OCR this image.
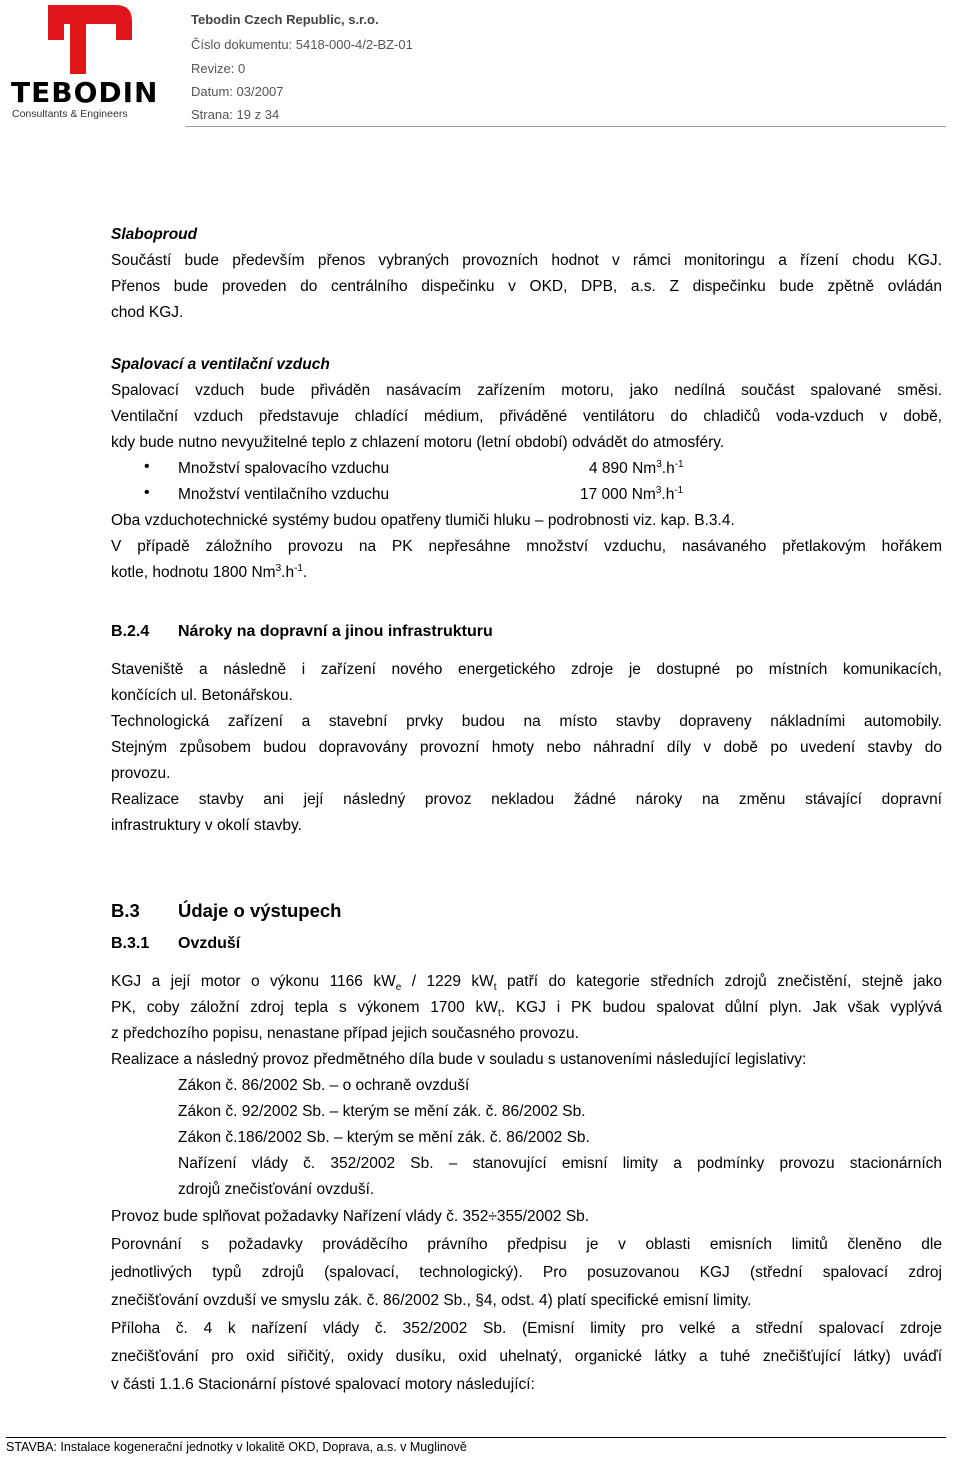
TEBODIN
Consultants & Engineers
Tebodin Czech Republic, s.r.o.
Číslo dokumentu: 5418-000-4/2-BZ-01
Revize: 0
Datum: 03/2007
Strana: 19 z 34
Slaboproud
Součástí bude především přenos vybraných provozních hodnot v rámci monitoringu a řízení chodu KGJ.
Přenos bude proveden do centrálního dispečinku v OKD, DPB, a.s. Z dispečinku bude zpětně ovládán
chod KGJ.
Spalovací a ventilační vzduch
Spalovací vzduch bude přiváděn nasávacím zařízením motoru, jako nedílná součást spalované směsi.
Ventilační vzduch představuje chladící médium, přiváděné ventilátoru do chladičů voda-vzduch v době,
kdy bude nutno nevyužitelné teplo z chlazení motoru (letní období) odvádět do atmosféry.
• Množství spalovacího vzduchu	4 890 $Nm^3.h^{-1}$
• Množství ventilačního vzduchu	17 000 $Nm^3.h^{-1}$
Oba vzduchotechnické systémy budou opatřeny tlumiči hluku – podrobnosti viz. kap. B.3.4.
V případě záložního provozu na PK nepřesáhne množství vzduchu, nasávaného přetlakovým hořákem
kotle, hodnotu 1800 $Nm^3.h^{-1}$.
B.2.4 Nároky na dopravní a jinou infrastrukturu
Staveniště a následně i zařízení nového energetického zdroje je dostupné po místních komunikacích,
končících ul. Betonářskou.
Technologická zařízení a stavební prvky budou na místo stavby dopraveny nákladními automobily.
Stejným způsobem budou dopravovány provozní hmoty nebo náhradní díly v době po uvedení stavby do
provozu.
Realizace stavby ani její následný provoz nekladou žádné nároky na změnu stávající dopravní
infrastruktury v okolí stavby.
B.3 Údaje o výstupech
B.3.1 Ovzduší
KGJ a její motor o výkonu 1166 $kW_e / 1229$ $kW_t$ patří do kategorie středních zdrojů znečistění, stejně jako
PK, coby záložní zdroj tepla s výkonem 1700 $kW_t$. KGJ i PK budou spalovat důlní plyn. Jak však vyplývá
z předchozího popisu, nenastane případ jejich současného provozu.
Realizace a následný provoz předmětného díla bude v souladu s ustanoveními následující legislativy:
Zákon č. 86/2002 Sb. – o ochraně ovzduší
Zákon č. 92/2002 Sb. – kterým se mění zák. č. 86/2002 Sb.
Zákon č.186/2002 Sb. – kterým se mění zák. č. 86/2002 Sb.
Nařízení vlády č. 352/2002 Sb. – stanovující emisní limity a podmínky provozu stacionárních
zdrojů znečisťování ovzduší.
Provoz bude splňovat požadavky Nařízení vlády č. 352÷355/2002 Sb.
Porovnání s požadavky prováděcího právního předpisu je v oblasti emisních limitů členěno dle
jednotlivých typů zdrojů (spalovací, technologický). Pro posuzovanou KGJ (střední spalovací zdroj
znečišťování ovzduší ve smyslu zák. č. 86/2002 Sb., §4, odst. 4) platí specifické emisní limity.
Příloha č. 4 k nařízení vlády č. 352/2002 Sb. (Emisní limity pro velké a střední spalovací zdroje
znečišťování pro oxid siřičitý, oxidy dusíku, oxid uhelnatý, organické látky a tuhé znečišťující látky) uváďí
v části 1.1.6 Stacionární pístové spalovací motory následující:
STAVBA: Instalace kogenerační jednotky v lokalitě OKD, Doprava, a.s. v Muglinově
